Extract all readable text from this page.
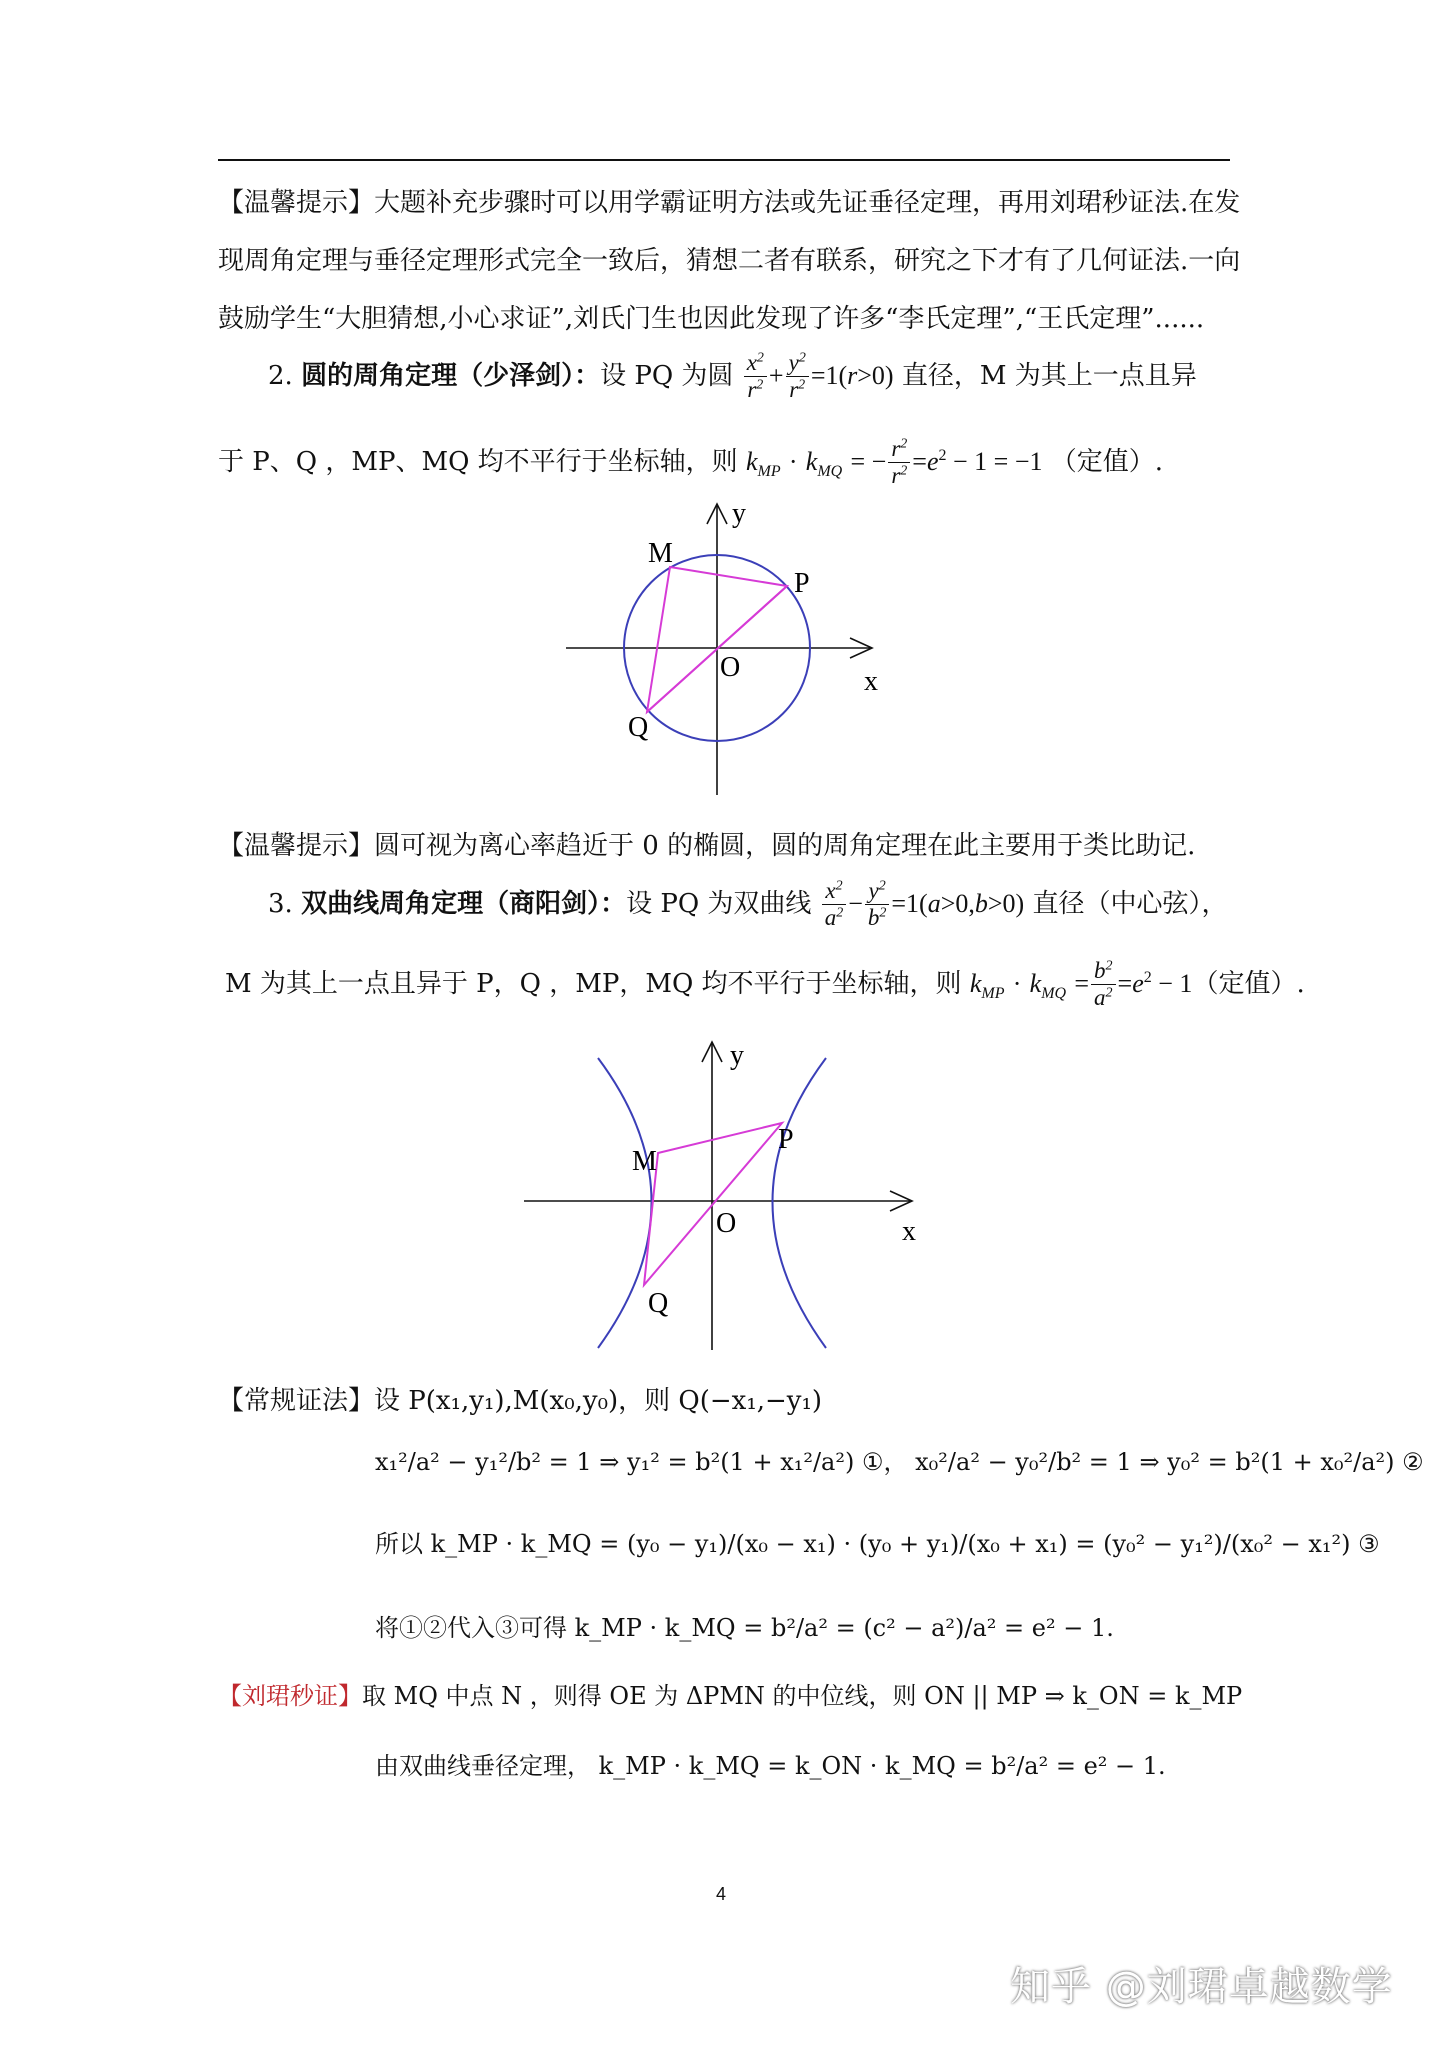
【温馨提示】大题补充步骤时可以用学霸证明方法或先证垂径定理，再用刘珺秒证法.在发
现周角定理与垂径定理形式完全一致后，猜想二者有联系，研究之下才有了几何证法.一向
鼓励学生“大胆猜想,小心求证”,刘氏门生也因此发现了许多“李氏定理”,“王氏定理”......
2. 圆的周角定理（少泽剑）：设 PQ 为圆 $\frac{x^2}{r^2} + \frac{y^2}{r^2} =1(r>0)$ 直径，M 为其上一点且异
于 P、Q ，MP、MQ 均不平行于坐标轴，则 $k_{MP} \cdot k_{MQ}$ = − $\frac{r^2}{r^2} =e^2 - 1 = -1$ （定值）.
M
P
Q
O	x
y
【温馨提示】圆可视为离心率趋近于 0 的椭圆，圆的周角定理在此主要用于类比助记.
3. 双曲线周角定理（商阳剑）：设 PQ 为双曲线 $\frac{x^2}{a^2} - \frac{y^2}{b^2} =1(a>0,b>0)$ 直径（中心弦），
M 为其上一点且异于 P，Q ，MP，MQ 均不平行于坐标轴，则 $k_{MP} \cdot k_{MQ} = \frac{b^2}{a^2} =e^2 - 1$（定值）.
M
P
Q
O	x
y
【常规证法】设 P(x₁,y₁),M(x₀,y₀)，则 Q(−x₁,−y₁)
x₁²/a² − y₁²/b² = 1 ⇒ y₁² = b²(1 + x₁²/a²) ①， x₀²/a² − y₀²/b² = 1 ⇒ y₀² = b²(1 + x₀²/a²) ②
所以 k_MP · k_MQ = (y₀ − y₁)/(x₀ − x₁) · (y₀ + y₁)/(x₀ + x₁) = (y₀² − y₁²)/(x₀² − x₁²) ③
将①②代入③可得 k_MP · k_MQ = b²/a² = (c² − a²)/a² = e² − 1.
【刘珺秒证】取 MQ 中点 N ，则得 OE 为 ΔPMN 的中位线，则 ON || MP ⇒ k_ON = k_MP
由双曲线垂径定理， k_MP · k_MQ = k_ON · k_MQ = b²/a² = e² − 1.
4
知乎 @刘珺卓越数学
